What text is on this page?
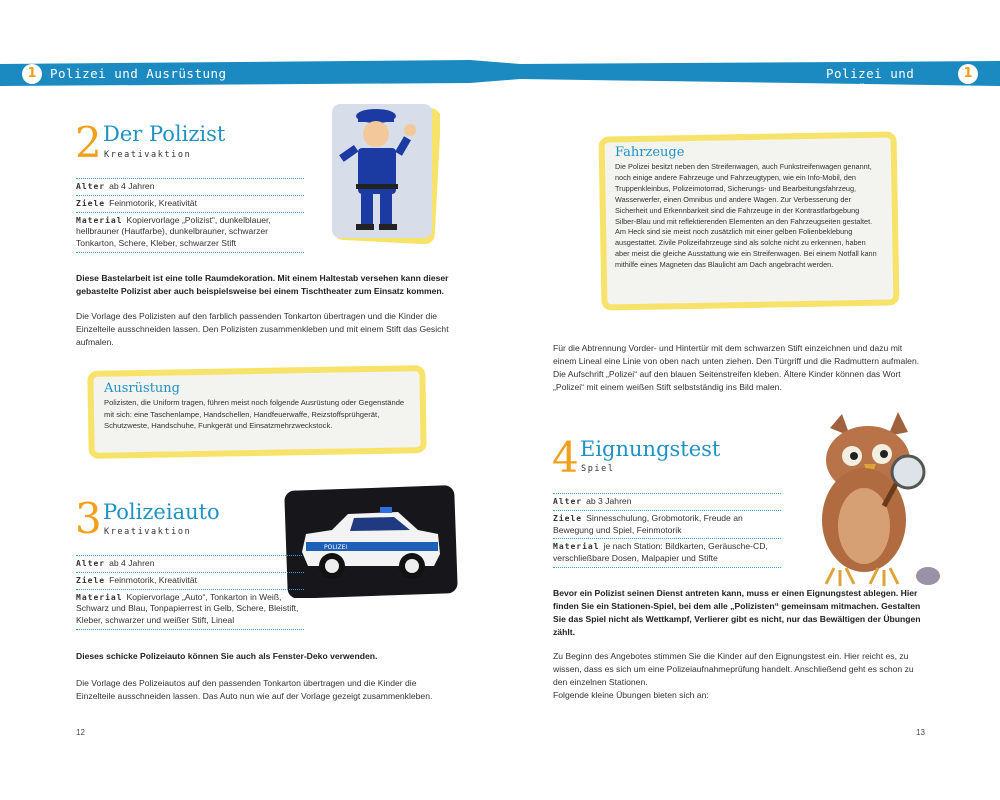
1	Polizei und Ausrüstung	Polizei und Ausrüstung
1
2 Der Polizist
Kreativaktion
Alter ab 4 Jahren
Ziele Feinmotorik, Kreativität
Material Kopiervorlage „Polizist“, dunkelblauer, hellbrauner (Hautfarbe), dunkelbrauner, schwarzer Tonkarton, Schere, Kleber, schwarzer Stift
Diese Bastelarbeit ist eine tolle Raumdekoration. Mit einem Haltestab versehen kann dieser gebastelte Polizist aber auch beispielsweise bei einem Tischtheater zum Einsatz kommen.
Die Vorlage des Polizisten auf den farblich passenden Tonkarton übertragen und die Kinder die Einzelteile ausschneiden lassen. Den Polizisten zusammenkleben und mit einem Stift das Gesicht aufmalen.
Ausrüstung
Polizisten, die Uniform tragen, führen meist noch folgende Ausrüstung oder Gegenstände mit sich: eine Taschenlampe, Handschellen, Handfeuerwaffe, Reizstoffsprühgerät, Schutzweste, Handschuhe, Funkgerät und Einsatzmehrzweckstock.
3 Polizeiauto
Kreativaktion
POLIZEI
Alter ab 4 Jahren
Ziele Feinmotorik, Kreativität
Material Kopiervorlage „Auto“, Tonkarton in Weiß, Schwarz und Blau, Tonpapierrest in Gelb, Schere, Bleistift, Kleber, schwarzer und weißer Stift, Lineal
Dieses schicke Polizeiauto können Sie auch als Fenster-Deko verwenden.
Die Vorlage des Polizeiautos auf den passenden Tonkarton übertragen und die Kinder die Einzelteile ausschneiden lassen. Das Auto nun wie auf der Vorlage gezeigt zusammenkleben.
12
Fahrzeuge
Die Polizei besitzt neben den Streifenwagen, auch Funkstreifenwagen genannt, noch einige andere Fahrzeuge und Fahrzeugtypen, wie ein Info-Mobil, den Truppenkleinbus, Polizeimotorrad, Sicherungs- und Bearbeitungsfahrzeug, Wasserwerfer, einen Omnibus und andere Wagen. Zur Verbesserung der Sicherheit und Erkennbarkeit sind die Fahrzeuge in der Kontrastfarbgebung Silber-Blau und mit reflektierenden Elementen an den Fahrzeugseiten gestaltet. Am Heck sind sie meist noch zusätzlich mit einer gelben Folienbeklebung ausgestattet. Zivile Polizeifahrzeuge sind als solche nicht zu erkennen, haben aber meist die gleiche Ausstattung wie ein Streifenwagen. Bei einem Notfall kann mithilfe eines Magneten das Blaulicht am Dach angebracht werden.
Für die Abtrennung Vorder- und Hintertür mit dem schwarzen Stift einzeichnen und dazu mit einem Lineal eine Linie von oben nach unten ziehen. Den Türgriff und die Radmuttern aufmalen. Die Aufschrift „Polizei“ auf den blauen Seitenstreifen kleben. Ältere Kinder können das Wort „Polizei“ mit einem weißen Stift selbstständig ins Bild malen.
4 Eignungstest
Spiel
Alter ab 3 Jahren
Ziele Sinnesschulung, Grobmotorik, Freude an Bewegung und Spiel, Feinmotorik
Material je nach Station: Bildkarten, Geräusche-CD, verschließbare Dosen, Malpapier und Stifte
Bevor ein Polizist seinen Dienst antreten kann, muss er einen Eignungstest ablegen. Hier finden Sie ein Stationen-Spiel, bei dem alle „Polizisten“ gemeinsam mitmachen. Gestalten Sie das Spiel nicht als Wettkampf, Verlierer gibt es nicht, nur das Bewältigen der Übungen zählt.
Zu Beginn des Angebotes stimmen Sie die Kinder auf den Eignungstest ein. Hier reicht es, zu wissen, dass es sich um eine Polizeiaufnahmeprüfung handelt. Anschließend geht es schon zu den einzelnen Stationen.
Folgende kleine Übungen bieten sich an:
13
